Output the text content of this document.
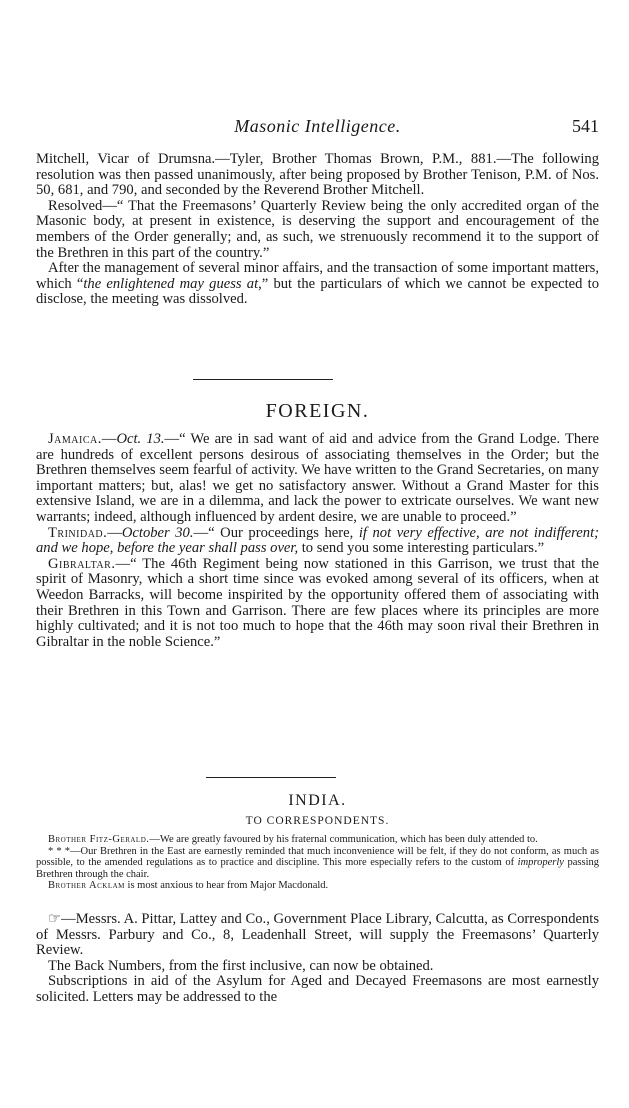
Masonic Intelligence.	541

Mitchell, Vicar of Drumsna.—Tyler, Brother Thomas Brown, P.M., 881.—The following resolution was then passed unanimously, after being proposed by Brother Tenison, P.M. of Nos. 50, 681, and 790, and seconded by the Reverend Brother Mitchell.

Resolved—“ That the Freemasons’ Quarterly Review being the only accredited organ of the Masonic body, at present in existence, is deserving the support and encouragement of the members of the Order generally; and, as such, we strenuously recommend it to the support of the Brethren in this part of the country.”

After the management of several minor affairs, and the transaction of some important matters, which “the enlightened may guess at,” but the particulars of which we cannot be expected to disclose, the meeting was dissolved.

FOREIGN.

Jamaica.—Oct. 13.—“ We are in sad want of aid and advice from the Grand Lodge. There are hundreds of excellent persons desirous of associating themselves in the Order; but the Brethren themselves seem fearful of activity. We have written to the Grand Secretaries, on many important matters; but, alas! we get no satisfactory answer. Without a Grand Master for this extensive Island, we are in a dilemma, and lack the power to extricate ourselves. We want new warrants; indeed, although influenced by ardent desire, we are unable to proceed.”

Trinidad.—October 30.—“ Our proceedings here, if not very effective, are not indifferent; and we hope, before the year shall pass over, to send you some interesting particulars.”

Gibraltar.—“ The 46th Regiment being now stationed in this Garrison, we trust that the spirit of Masonry, which a short time since was evoked among several of its officers, when at Weedon Barracks, will become inspirited by the opportunity offered them of associating with their Brethren in this Town and Garrison. There are few places where its principles are more highly cultivated; and it is not too much to hope that the 46th may soon rival their Brethren in Gibraltar in the noble Science.”

INDIA.
TO CORRESPONDENTS.

Brother Fitz-Gerald.—We are greatly favoured by his fraternal communication, which has been duly attended to.

* * *—Our Brethren in the East are earnestly reminded that much inconvenience will be felt, if they do not conform, as much as possible, to the amended regulations as to practice and discipline. This more especially refers to the custom of improperly passing Brethren through the chair.

Brother Acklam is most anxious to hear from Major Macdonald.

☞—Messrs. A. Pittar, Lattey and Co., Government Place Library, Calcutta, as Correspondents of Messrs. Parbury and Co., 8, Leadenhall Street, will supply the Freemasons’ Quarterly Review.

The Back Numbers, from the first inclusive, can now be obtained.

Subscriptions in aid of the Asylum for Aged and Decayed Freemasons are most earnestly solicited. Letters may be addressed to the
